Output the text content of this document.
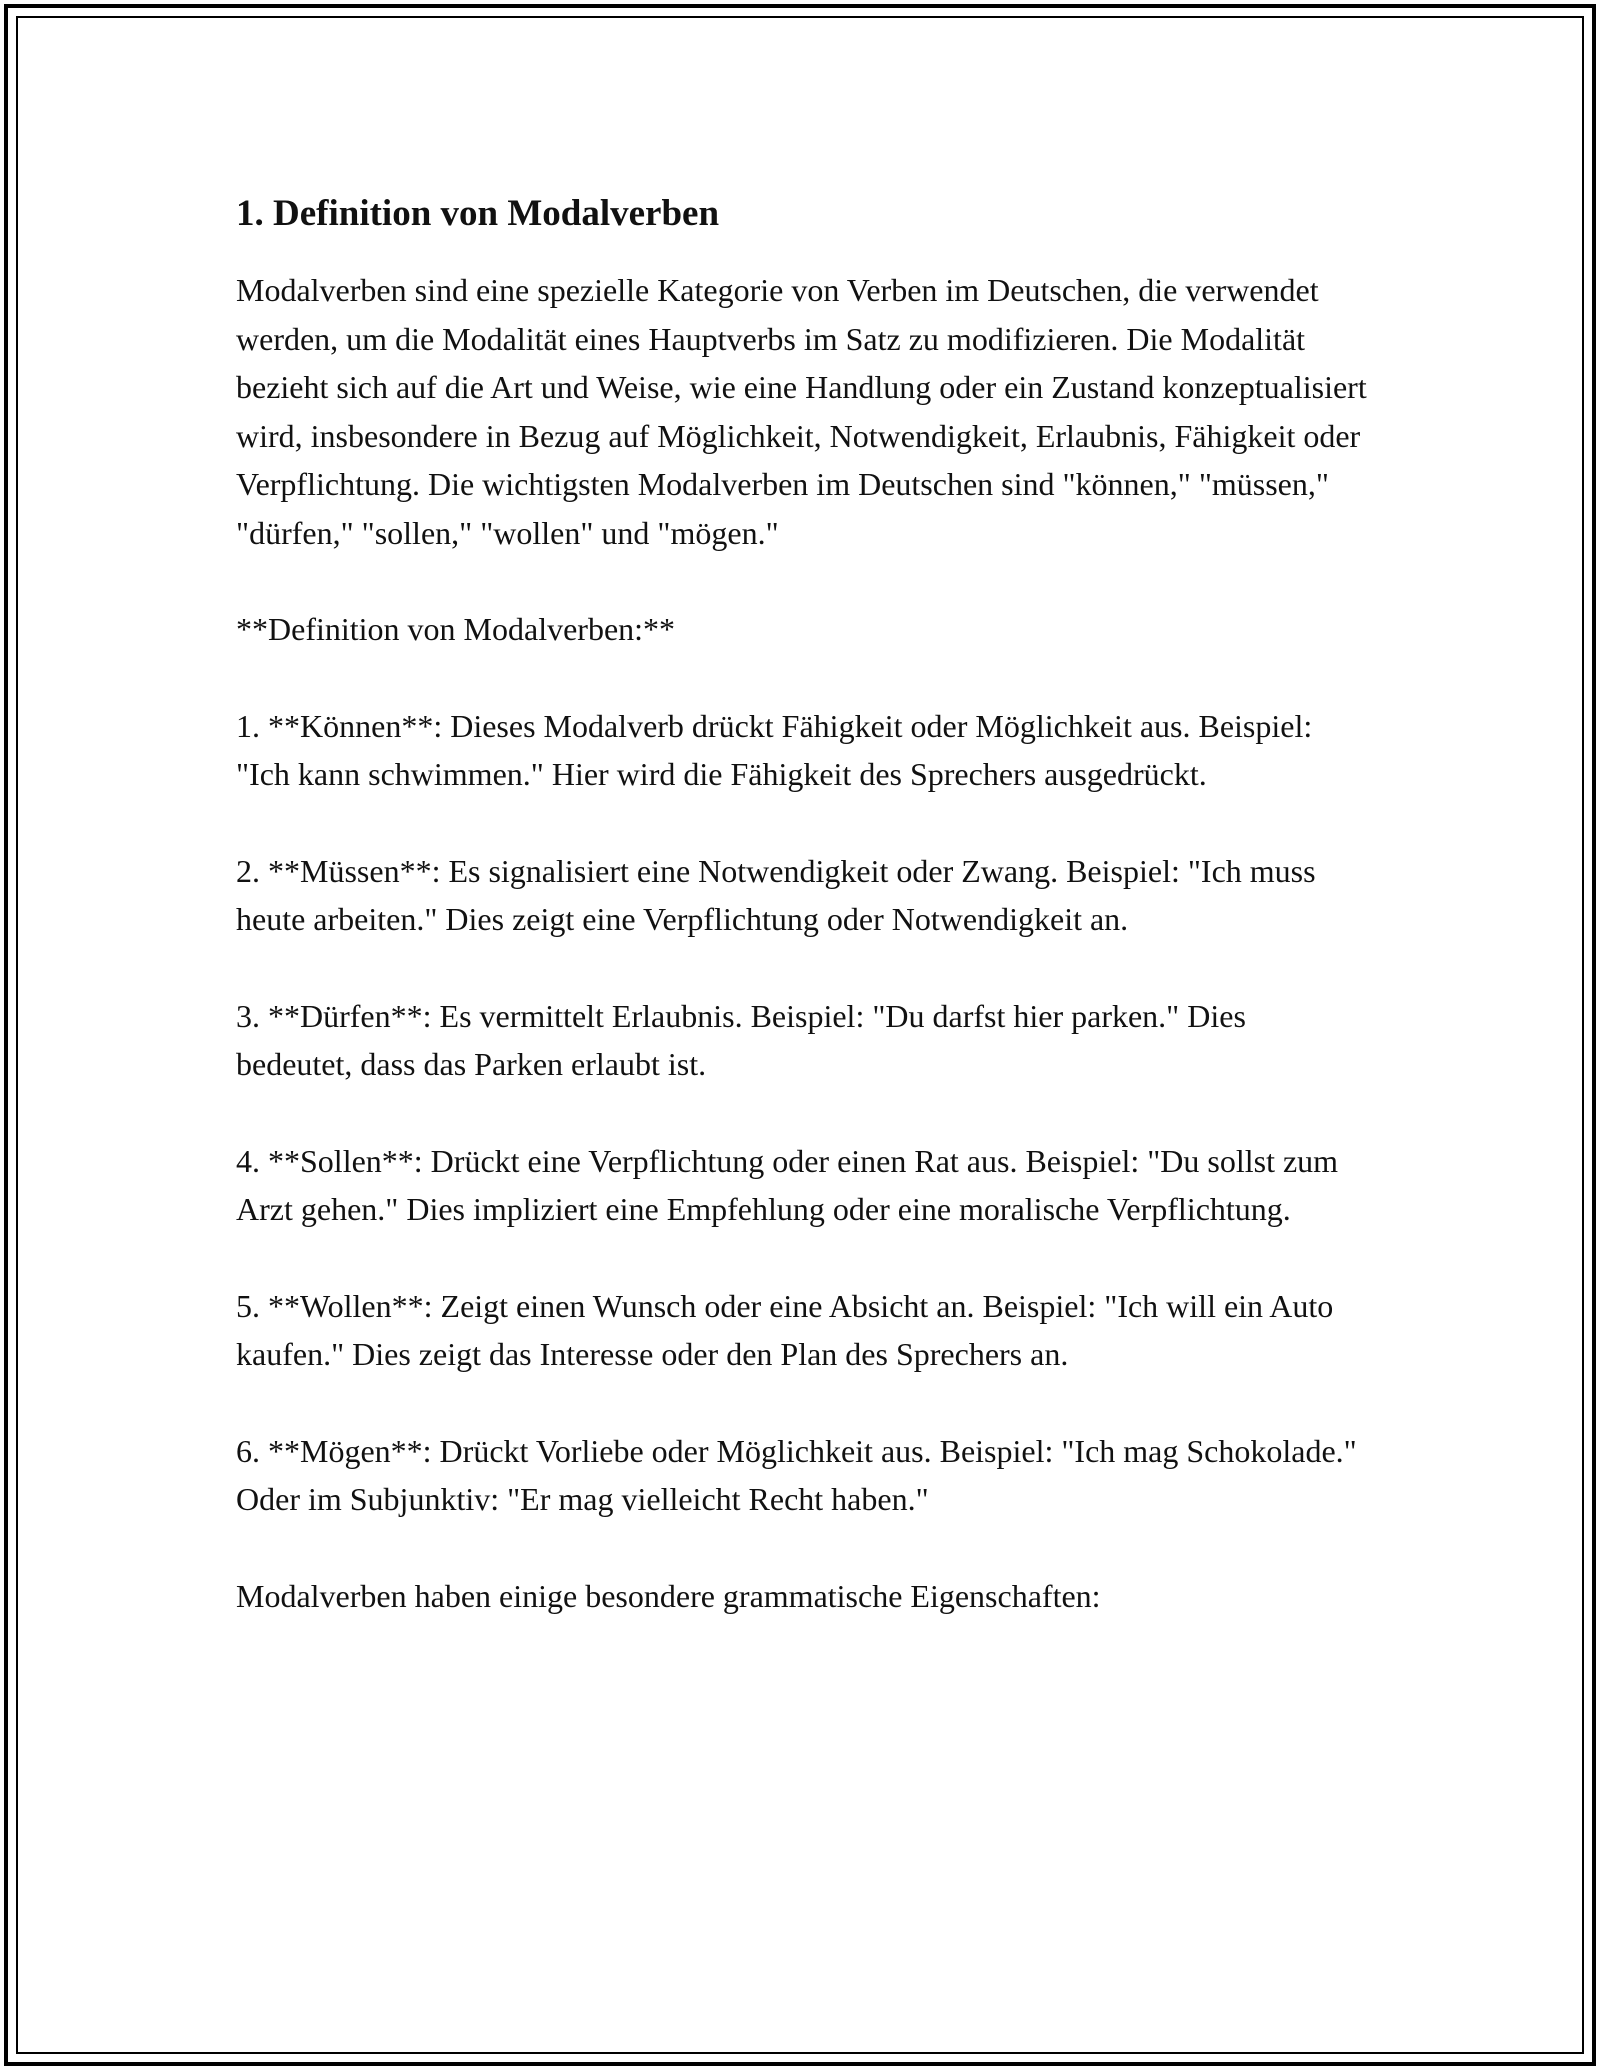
1. Definition von Modalverben

Modalverben sind eine spezielle Kategorie von Verben im Deutschen, die verwendet werden, um die Modalität eines Hauptverbs im Satz zu modifizieren. Die Modalität bezieht sich auf die Art und Weise, wie eine Handlung oder ein Zustand konzeptualisiert wird, insbesondere in Bezug auf Möglichkeit, Notwendigkeit, Erlaubnis, Fähigkeit oder Verpflichtung. Die wichtigsten Modalverben im Deutschen sind "können," "müssen," "dürfen," "sollen," "wollen" und "mögen."

**Definition von Modalverben:**

1. **Können**: Dieses Modalverb drückt Fähigkeit oder Möglichkeit aus. Beispiel: "Ich kann schwimmen." Hier wird die Fähigkeit des Sprechers ausgedrückt.

2. **Müssen**: Es signalisiert eine Notwendigkeit oder Zwang. Beispiel: "Ich muss heute arbeiten." Dies zeigt eine Verpflichtung oder Notwendigkeit an.

3. **Dürfen**: Es vermittelt Erlaubnis. Beispiel: "Du darfst hier parken." Dies bedeutet, dass das Parken erlaubt ist.

4. **Sollen**: Drückt eine Verpflichtung oder einen Rat aus. Beispiel: "Du sollst zum Arzt gehen." Dies impliziert eine Empfehlung oder eine moralische Verpflichtung.

5. **Wollen**: Zeigt einen Wunsch oder eine Absicht an. Beispiel: "Ich will ein Auto kaufen." Dies zeigt das Interesse oder den Plan des Sprechers an.

6. **Mögen**: Drückt Vorliebe oder Möglichkeit aus. Beispiel: "Ich mag Schokolade." Oder im Subjunktiv: "Er mag vielleicht Recht haben."

Modalverben haben einige besondere grammatische Eigenschaften:
